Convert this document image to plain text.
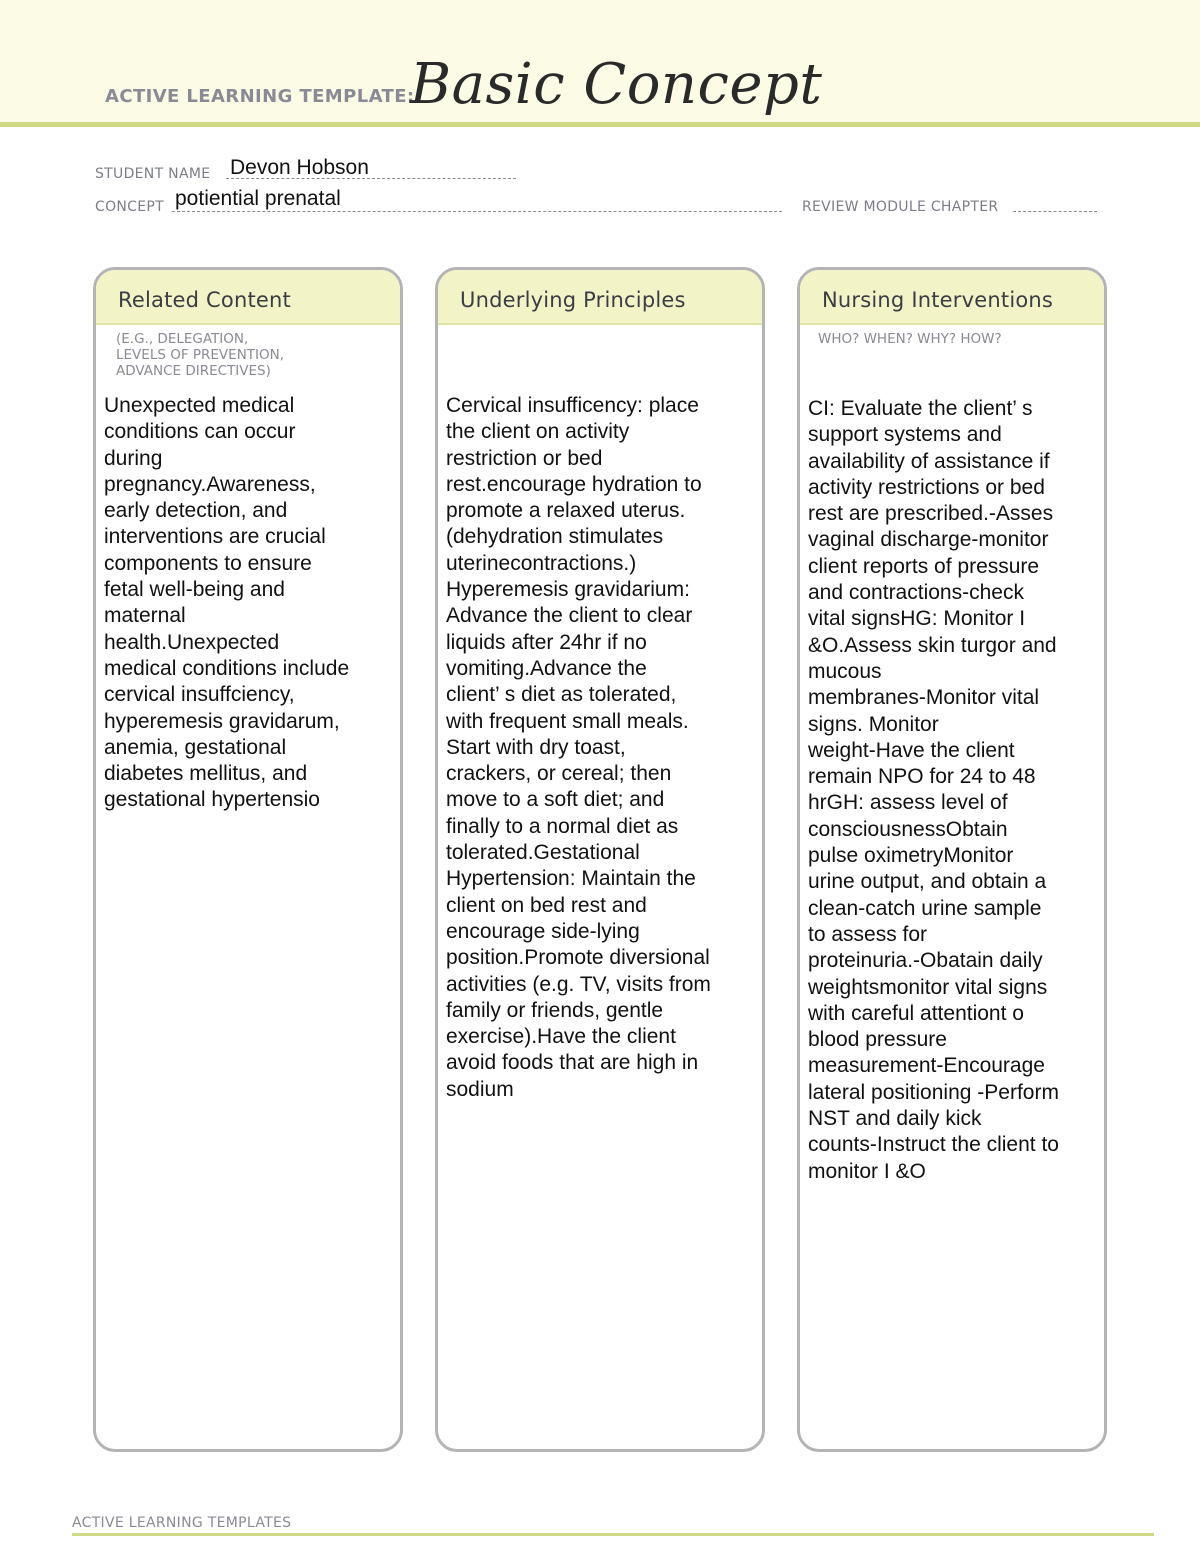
ACTIVE LEARNING TEMPLATE:
Basic Concept
STUDENT NAME Devon Hobson
CONCEPT potiential prenatal	REVIEW MODULE CHAPTER
Related Content
(E.G., DELEGATION,
LEVELS OF PREVENTION,
ADVANCE DIRECTIVES)
Unexpected medical
conditions can occur
during
pregnancy.Awareness,
early detection, and
interventions are crucial
components to ensure
fetal well-being and
maternal
health.Unexpected
medical conditions include
cervical insuffciency,
hyperemesis gravidarum,
anemia, gestational
diabetes mellitus, and
gestational hypertensio
Underlying Principles
Cervical insufficency: place
the client on activity
restriction or bed
rest.encourage hydration to
promote a relaxed uterus.
(dehydration stimulates
uterinecontractions.)
Hyperemesis gravidarium:
Advance the client to clear
liquids after 24hr if no
vomiting.Advance the
client’ s diet as tolerated,
with frequent small meals.
Start with dry toast,
crackers, or cereal; then
move to a soft diet; and
finally to a normal diet as
tolerated.Gestational
Hypertension: Maintain the
client on bed rest and
encourage side-lying
position.Promote diversional
activities (e.g. TV, visits from
family or friends, gentle
exercise).Have the client
avoid foods that are high in
sodium
Nursing Interventions
WHO? WHEN? WHY? HOW?
CI: Evaluate the client’ s
support systems and
availability of assistance if
activity restrictions or bed
rest are prescribed.-Asses
vaginal discharge-monitor
client reports of pressure
and contractions-check
vital signsHG: Monitor I
&O.Assess skin turgor and
mucous
membranes-Monitor vital
signs. Monitor
weight-Have the client
remain NPO for 24 to 48
hrGH: assess level of
consciousnessObtain
pulse oximetryMonitor
urine output, and obtain a
clean-catch urine sample
to assess for
proteinuria.-Obatain daily
weightsmonitor vital signs
with careful attentiont o
blood pressure
measurement-Encourage
lateral positioning -Perform
NST and daily kick
counts-Instruct the client to
monitor I &O
ACTIVE LEARNING TEMPLATES
